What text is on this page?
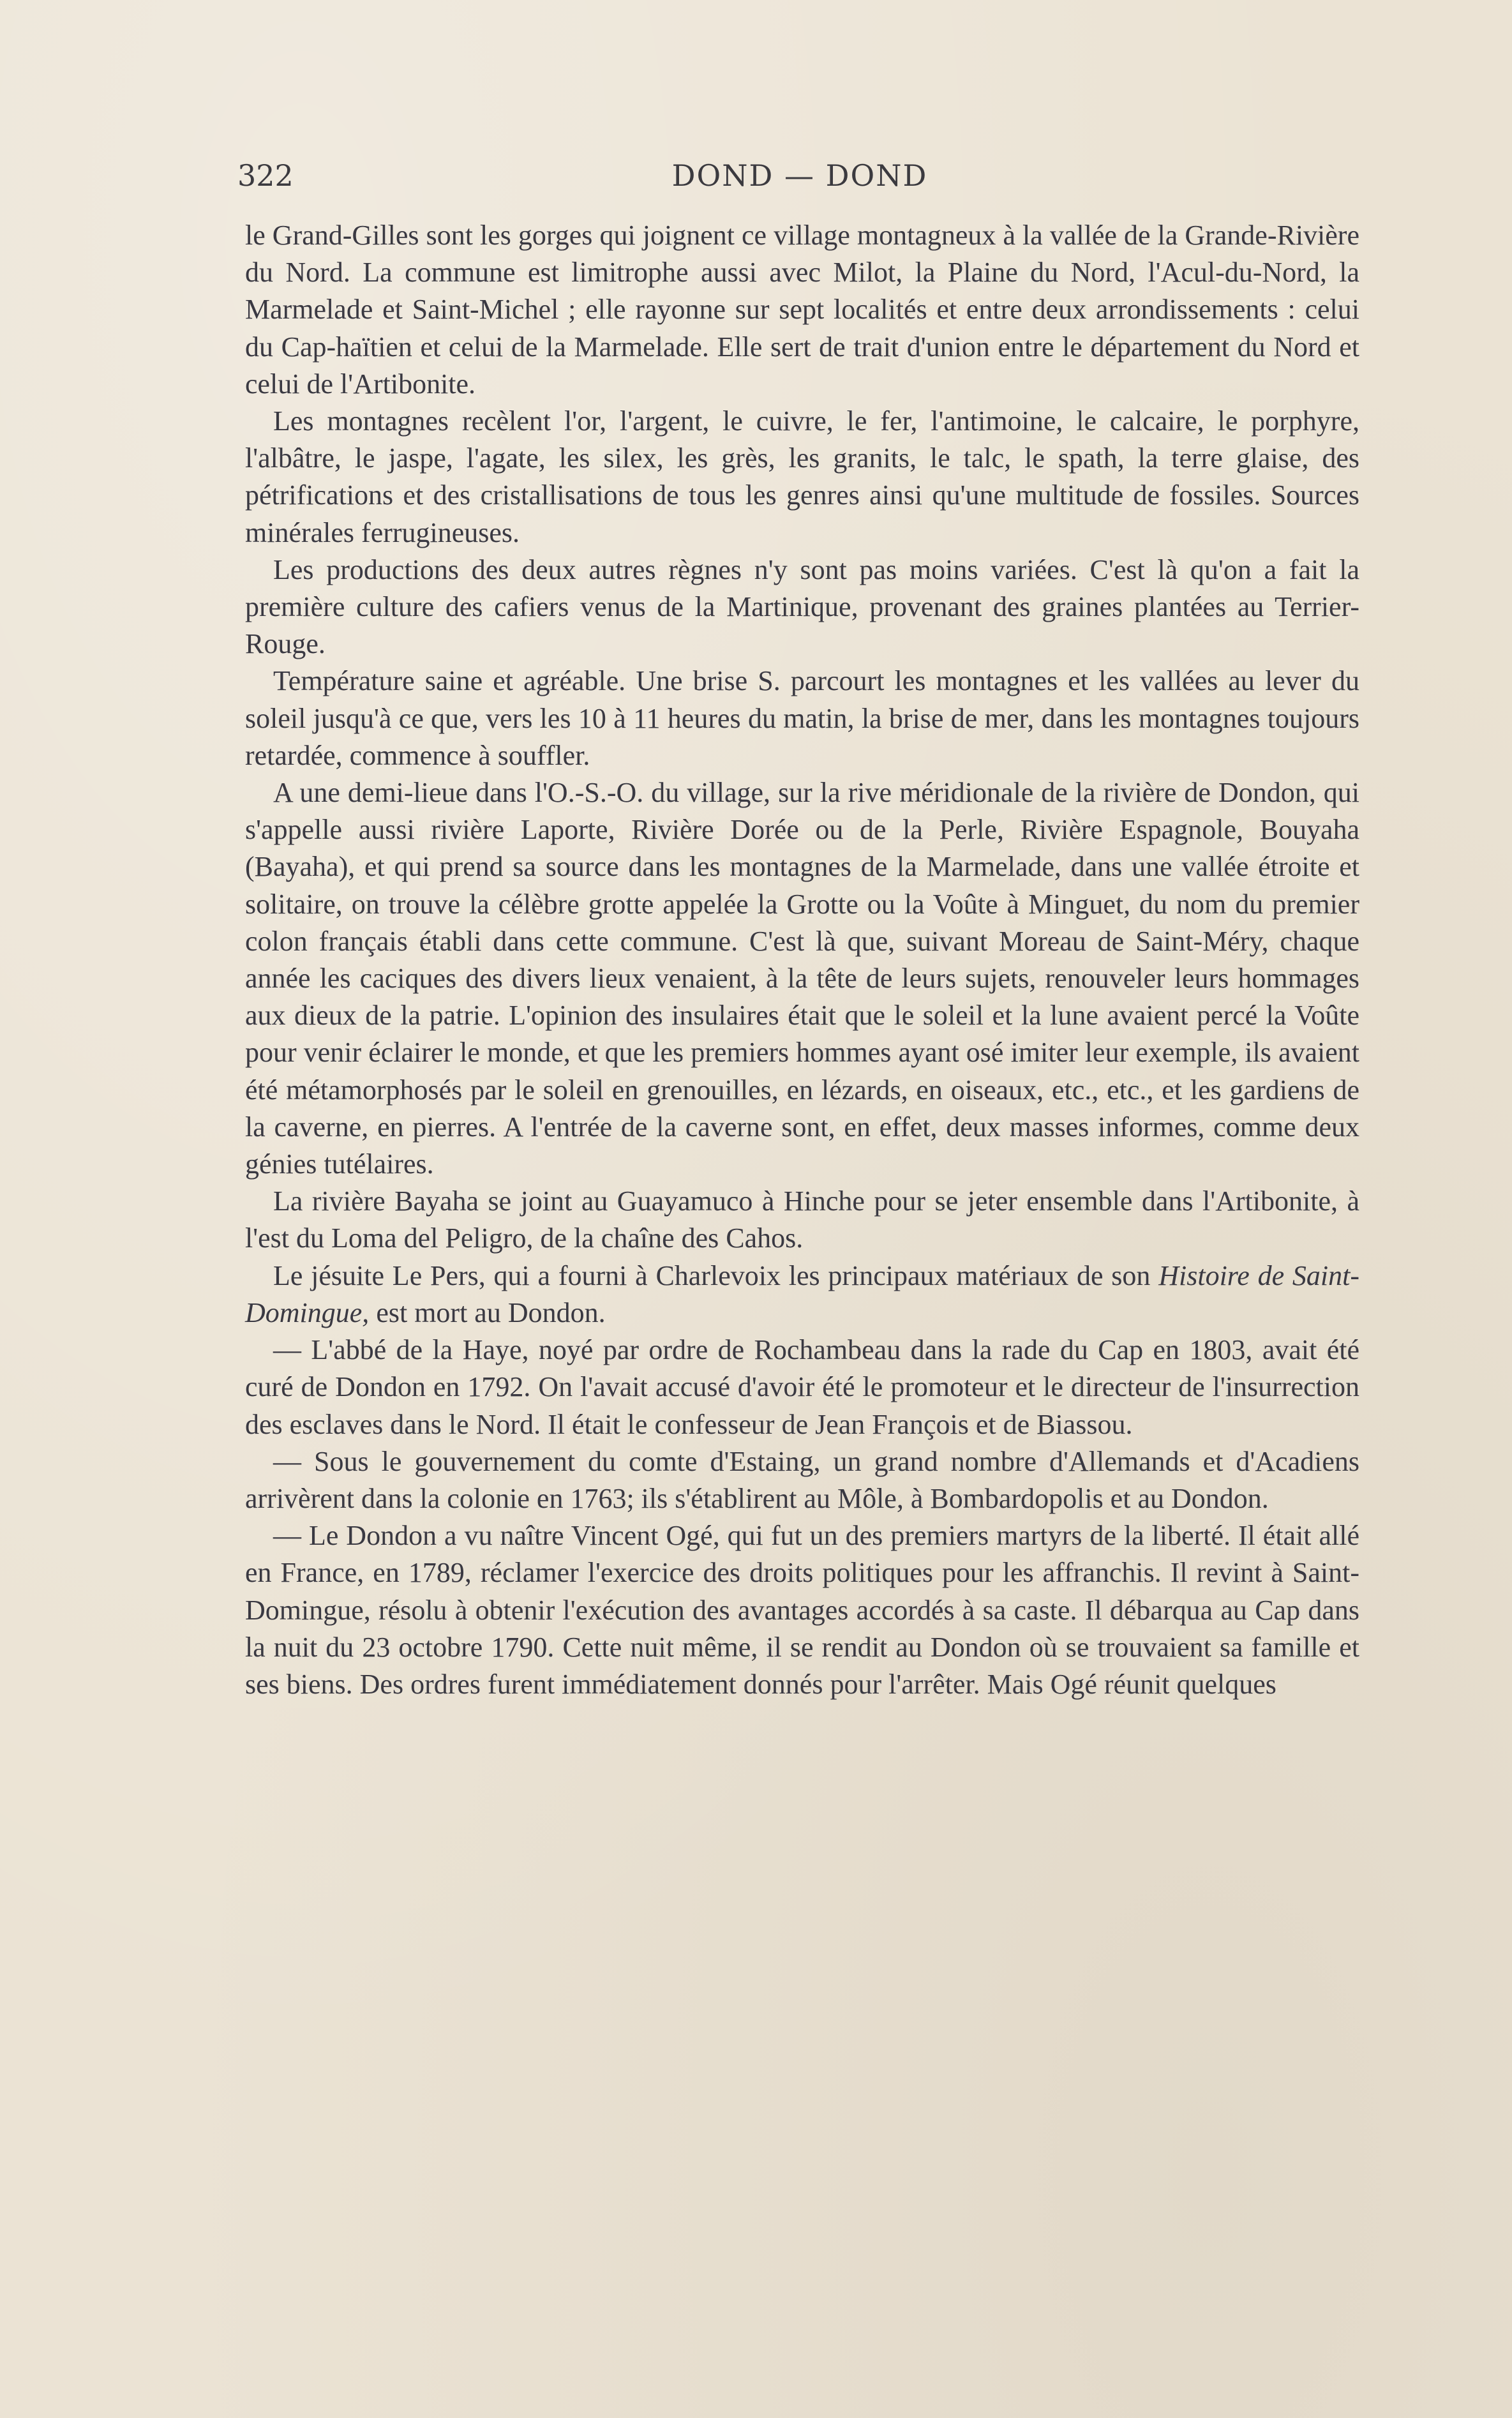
322	DOND — DOND

le Grand-Gilles sont les gorges qui joignent ce village montagneux à la vallée de la Grande-Rivière du Nord. La commune est limitrophe aussi avec Milot, la Plaine du Nord, l'Acul-du-Nord, la Marmelade et Saint-Michel ; elle rayonne sur sept localités et entre deux arrondissements : celui du Cap-haïtien et celui de la Marmelade. Elle sert de trait d'union entre le département du Nord et celui de l'Artibonite.

Les montagnes recèlent l'or, l'argent, le cuivre, le fer, l'antimoine, le calcaire, le porphyre, l'albâtre, le jaspe, l'agate, les silex, les grès, les granits, le talc, le spath, la terre glaise, des pétrifications et des cristallisations de tous les genres ainsi qu'une multitude de fossiles. Sources minérales ferrugineuses.

Les productions des deux autres règnes n'y sont pas moins variées. C'est là qu'on a fait la première culture des cafiers venus de la Martinique, provenant des graines plantées au Terrier-Rouge.

Température saine et agréable. Une brise S. parcourt les montagnes et les vallées au lever du soleil jusqu'à ce que, vers les 10 à 11 heures du matin, la brise de mer, dans les montagnes toujours retardée, commence à souffler.

A une demi-lieue dans l'O.-S.-O. du village, sur la rive méridionale de la rivière de Dondon, qui s'appelle aussi rivière Laporte, Rivière Dorée ou de la Perle, Rivière Espagnole, Bouyaha (Bayaha), et qui prend sa source dans les montagnes de la Marmelade, dans une vallée étroite et solitaire, on trouve la célèbre grotte appelée la Grotte ou la Voûte à Minguet, du nom du premier colon français établi dans cette commune. C'est là que, suivant Moreau de Saint-Méry, chaque année les caciques des divers lieux venaient, à la tête de leurs sujets, renouveler leurs hommages aux dieux de la patrie. L'opinion des insulaires était que le soleil et la lune avaient percé la Voûte pour venir éclairer le monde, et que les premiers hommes ayant osé imiter leur exemple, ils avaient été métamorphosés par le soleil en grenouilles, en lézards, en oiseaux, etc., etc., et les gardiens de la caverne, en pierres. A l'entrée de la caverne sont, en effet, deux masses informes, comme deux génies tutélaires.

La rivière Bayaha se joint au Guayamuco à Hinche pour se jeter ensemble dans l'Artibonite, à l'est du Loma del Peligro, de la chaîne des Cahos.

Le jésuite Le Pers, qui a fourni à Charlevoix les principaux matériaux de son Histoire de Saint-Domingue, est mort au Dondon.

— L'abbé de la Haye, noyé par ordre de Rochambeau dans la rade du Cap en 1803, avait été curé de Dondon en 1792. On l'avait accusé d'avoir été le promoteur et le directeur de l'insurrection des esclaves dans le Nord. Il était le confesseur de Jean François et de Biassou.

— Sous le gouvernement du comte d'Estaing, un grand nombre d'Allemands et d'Acadiens arrivèrent dans la colonie en 1763; ils s'établirent au Môle, à Bombardopolis et au Dondon.

— Le Dondon a vu naître Vincent Ogé, qui fut un des premiers martyrs de la liberté. Il était allé en France, en 1789, réclamer l'exercice des droits politiques pour les affranchis. Il revint à Saint-Domingue, résolu à obtenir l'exécution des avantages accordés à sa caste. Il débarqua au Cap dans la nuit du 23 octobre 1790. Cette nuit même, il se rendit au Dondon où se trouvaient sa famille et ses biens. Des ordres furent immédiatement donnés pour l'arrêter. Mais Ogé réunit quelques
